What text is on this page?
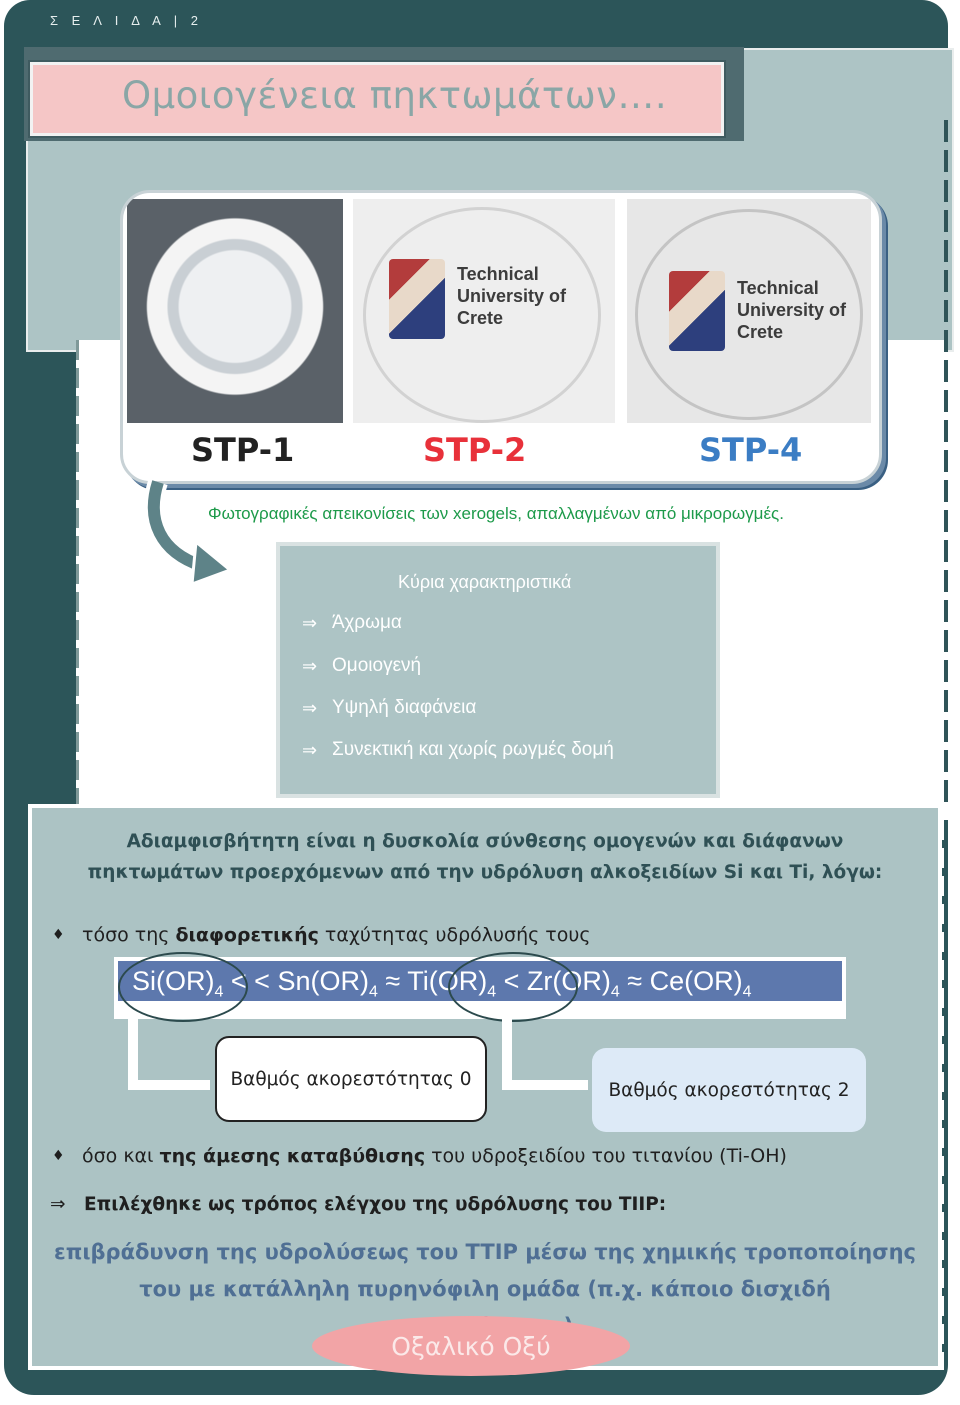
Σ Ε Λ Ι Δ Α | 2
Ομοιογένεια πηκτωμάτων….
Technical University of Crete
Technical University of Crete
STP-1	STP-2	STP-4
Φωτογραφικές απεικονίσεις των xerogels, απαλλαγμένων από μικρορωγμές.
Κύρια χαρακτηριστικά
⇒ Άχρωμα
⇒ Ομοιογενή
⇒ Υψηλή διαφάνεια
⇒ Συνεκτική και χωρίς ρωγμές δομή
Αδιαμφισβήτητη είναι η δυσκολία σύνθεσης ομογενών και διάφανων πηκτωμάτων προερχόμενων από την υδρόλυση αλκοξειδίων Si και Ti, λόγω:
♦ τόσο της διαφορετικής ταχύτητας υδρόλυσής τους
$Si(OR)_4$ < < $Sn(OR)_4 \approx Ti(OR)_4 < Zr(OR)_4 \approx Ce(OR)_4$
Βαθμός ακορεστότητας 0
Βαθμός ακορεστότητας 2
♦ όσο και της άμεσης καταβύθισης του υδροξειδίου του τιτανίου (Ti-OH)
⇒ Επιλέχθηκε ως τρόπος ελέγχου της υδρόλυσης του TIIP:
επιβράδυνση της υδρολύσεως του TTIP μέσω της χημικής τροποποίησης του με κατάλληλη πυρηνόφιλη ομάδα (π.χ. κάποιο δισχιδή
Οξαλικό Οξύ
